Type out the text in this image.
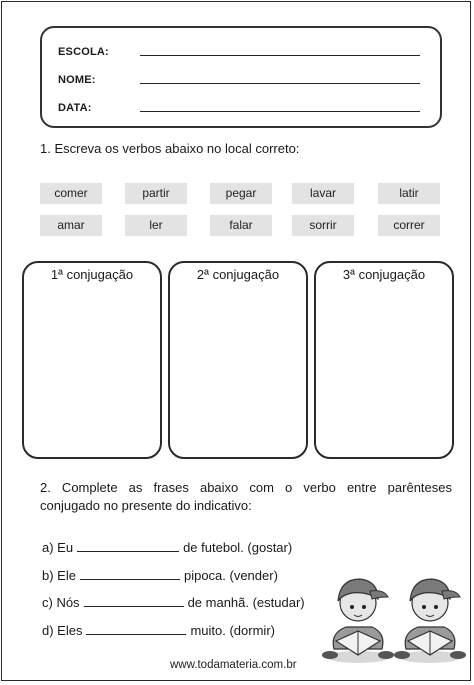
ESCOLA:
NOME:
DATA:
1. Escreva os verbos abaixo no local correto:
comer	partir	pegar	lavar	latir
amar	ler	falar	sorrir	correr
1ª conjugação	2ª conjugação	3ª conjugação
2. Complete as frases abaixo com o verbo entre parênteses
conjugado no presente do indicativo:
a) Eu	de futebol. (gostar)
b) Ele	pipoca. (vender)
c) Nós	de manhã. (estudar)
d) Eles	muito. (dormir)
www.todamateria.com.br
